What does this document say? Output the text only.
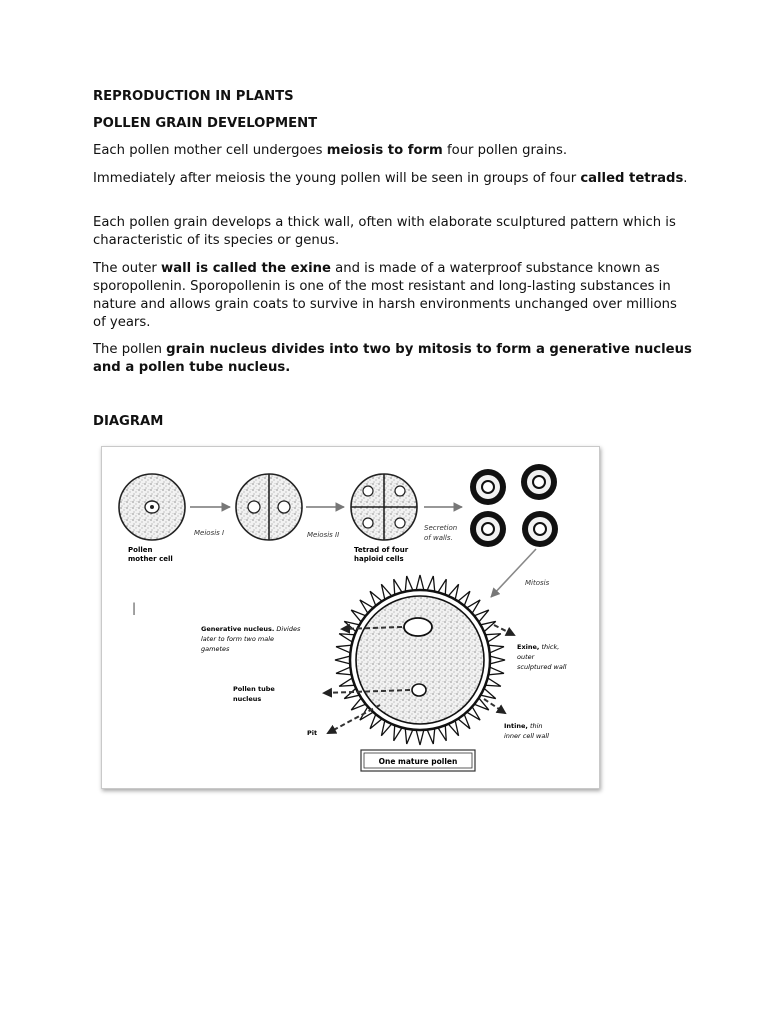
REPRODUCTION IN PLANTS
POLLEN GRAIN DEVELOPMENT

Each pollen mother cell undergoes meiosis to form four pollen grains.

Immediately after meiosis the young pollen will be seen in groups of four called tetrads.

Each pollen grain develops a thick wall, often with elaborate sculptured pattern which is characteristic of its species or genus.

The outer wall is called the exine and is made of a waterproof substance known as sporopollenin. Sporopollenin is one of the most resistant and long-lasting substances in nature and allows grain coats to survive in harsh environments unchanged over millions of years.

The pollen grain nucleus divides into two by mitosis to form a generative nucleus and a pollen tube nucleus.

DIAGRAM
Pollen
mother cell
Meiosis I	Meiosis II
Tetrad of four
haploid cells
Secretion
of walls.
Mitosis
Generative nucleus. Divides
later to form two male
gametes
Pollen tube
nucleus
Pit
Exine, thick,
outer
sculptured wall
Intine, thin
inner cell wall
One mature pollen
|
